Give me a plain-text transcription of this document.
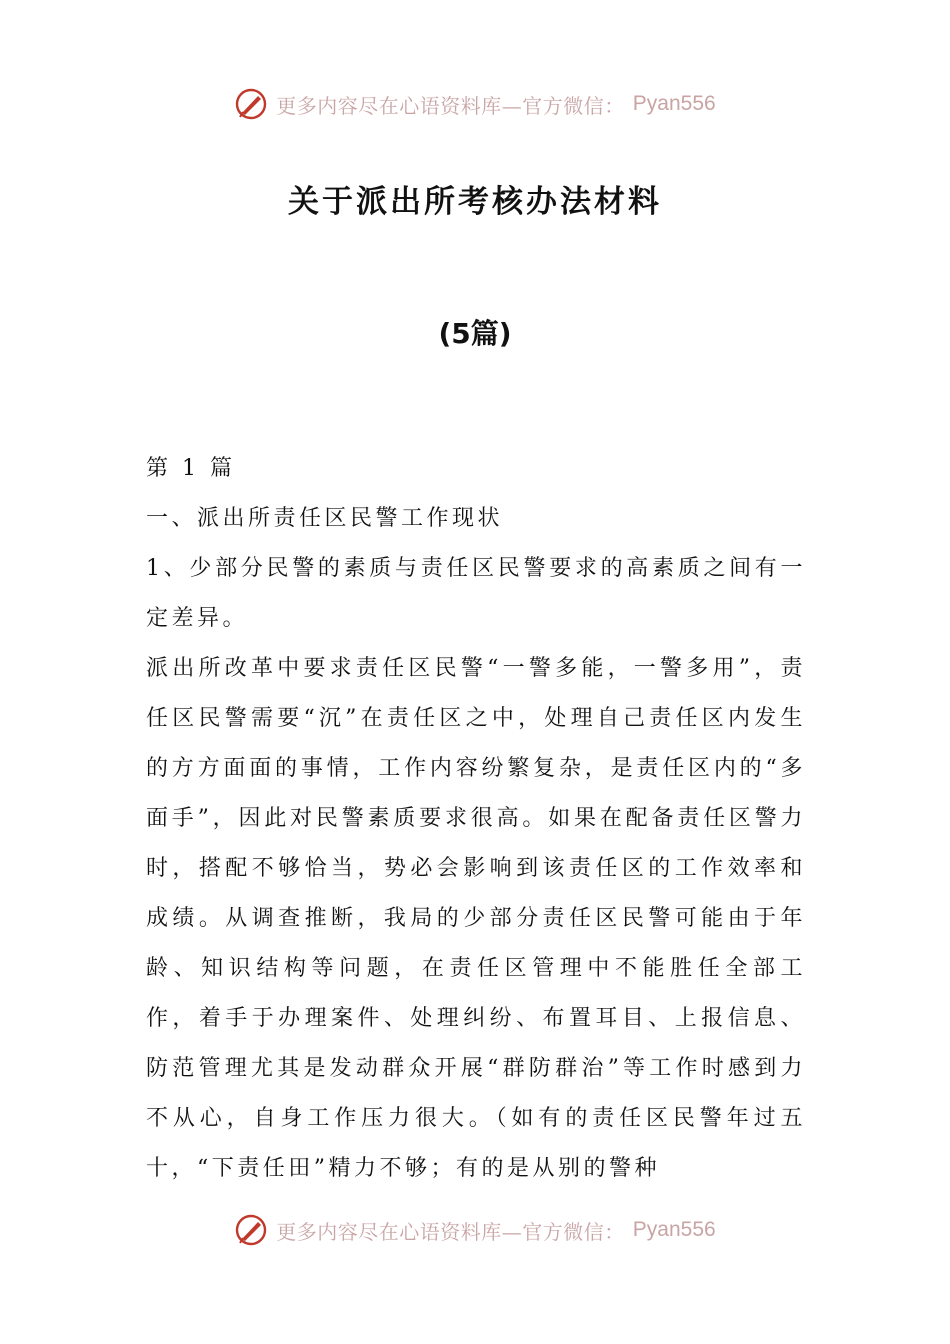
更多内容尽在心语资料库—官方微信： Pyan556
关于派出所考核办法材料
(5篇)

第 1 篇

一、派出所责任区民警工作现状

1、少部分民警的素质与责任区民警要求的高素质之间有一定差异。

派出所改革中要求责任区民警“一警多能，一警多用”，责任区民警需要“沉”在责任区之中，处理自己责任区内发生的方方面面的事情，工作内容纷繁复杂，是责任区内的“多面手”，因此对民警素质要求很高。如果在配备责任区警力时，搭配不够恰当，势必会影响到该责任区的工作效率和成绩。从调查推断，我局的少部分责任区民警可能由于年龄、知识结构等问题，在责任区管理中不能胜任全部工作，着手于办理案件、处理纠纷、布置耳目、上报信息、防范管理尤其是发动群众开展“群防群治”等工作时感到力不从心，自身工作压力很大。（如有的责任区民警年过五十，“下责任田”精力不够；有的是从别的警种

更多内容尽在心语资料库—官方微信： Pyan556
